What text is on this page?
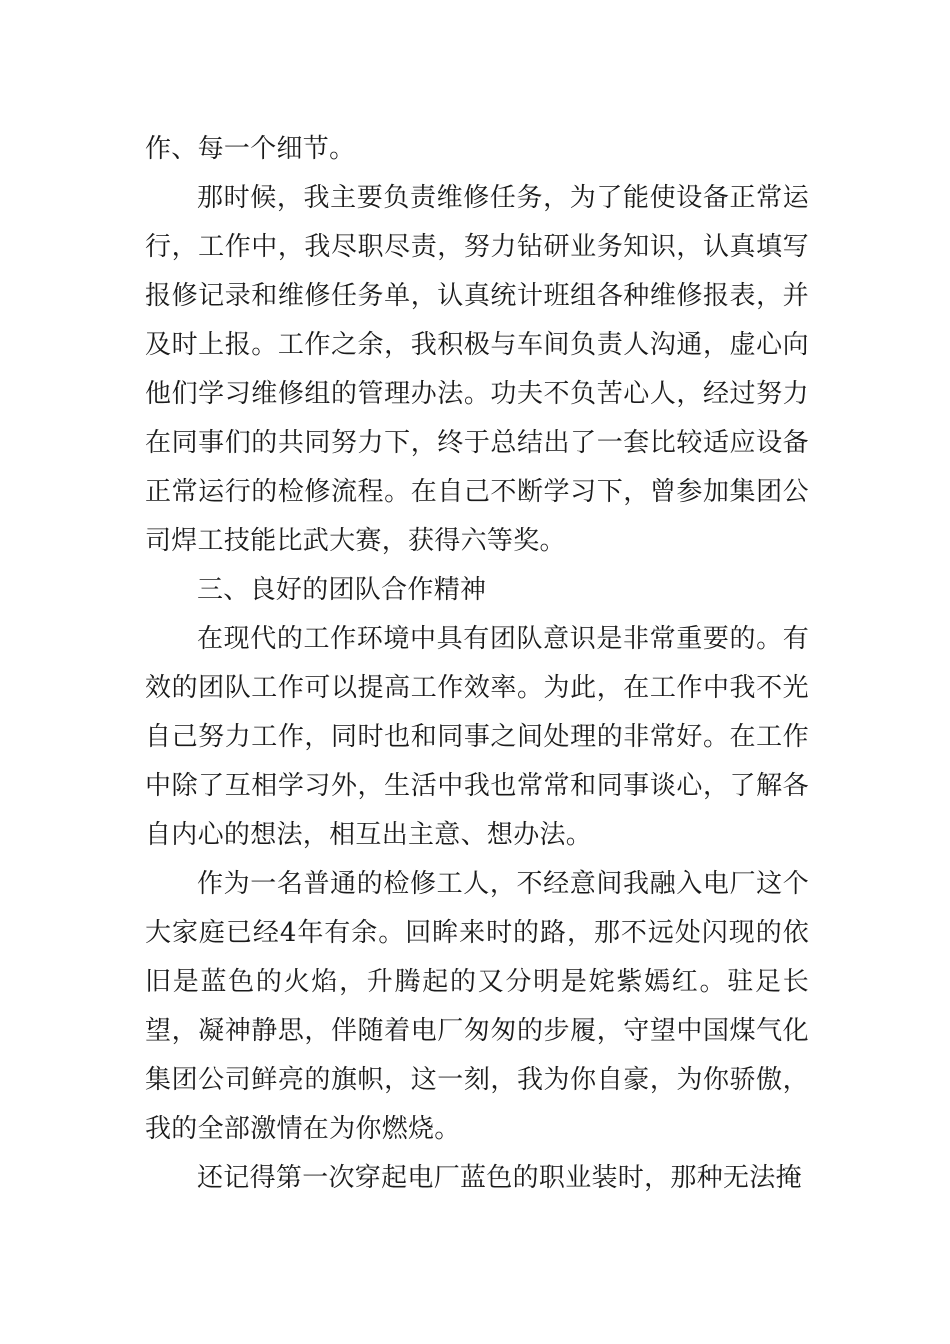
作、每一个细节。

那时候，我主要负责维修任务，为了能使设备正常运行，工作中，我尽职尽责，努力钻研业务知识，认真填写报修记录和维修任务单，认真统计班组各种维修报表，并及时上报。工作之余，我积极与车间负责人沟通，虚心向他们学习维修组的管理办法。功夫不负苦心人，经过努力在同事们的共同努力下，终于总结出了一套比较适应设备正常运行的检修流程。在自己不断学习下，曾参加集团公司焊工技能比武大赛，获得六等奖。

三、良好的团队合作精神

在现代的工作环境中具有团队意识是非常重要的。有效的团队工作可以提高工作效率。为此，在工作中我不光自己努力工作，同时也和同事之间处理的非常好。在工作中除了互相学习外，生活中我也常常和同事谈心，了解各自内心的想法，相互出主意、想办法。

作为一名普通的检修工人，不经意间我融入电厂这个大家庭已经4年有余。回眸来时的路，那不远处闪现的依旧是蓝色的火焰，升腾起的又分明是姹紫嫣红。驻足长望，凝神静思，伴随着电厂匆匆的步履，守望中国煤气化集团公司鲜亮的旗帜，这一刻，我为你自豪，为你骄傲，我的全部激情在为你燃烧。

还记得第一次穿起电厂蓝色的职业装时，那种无法掩
